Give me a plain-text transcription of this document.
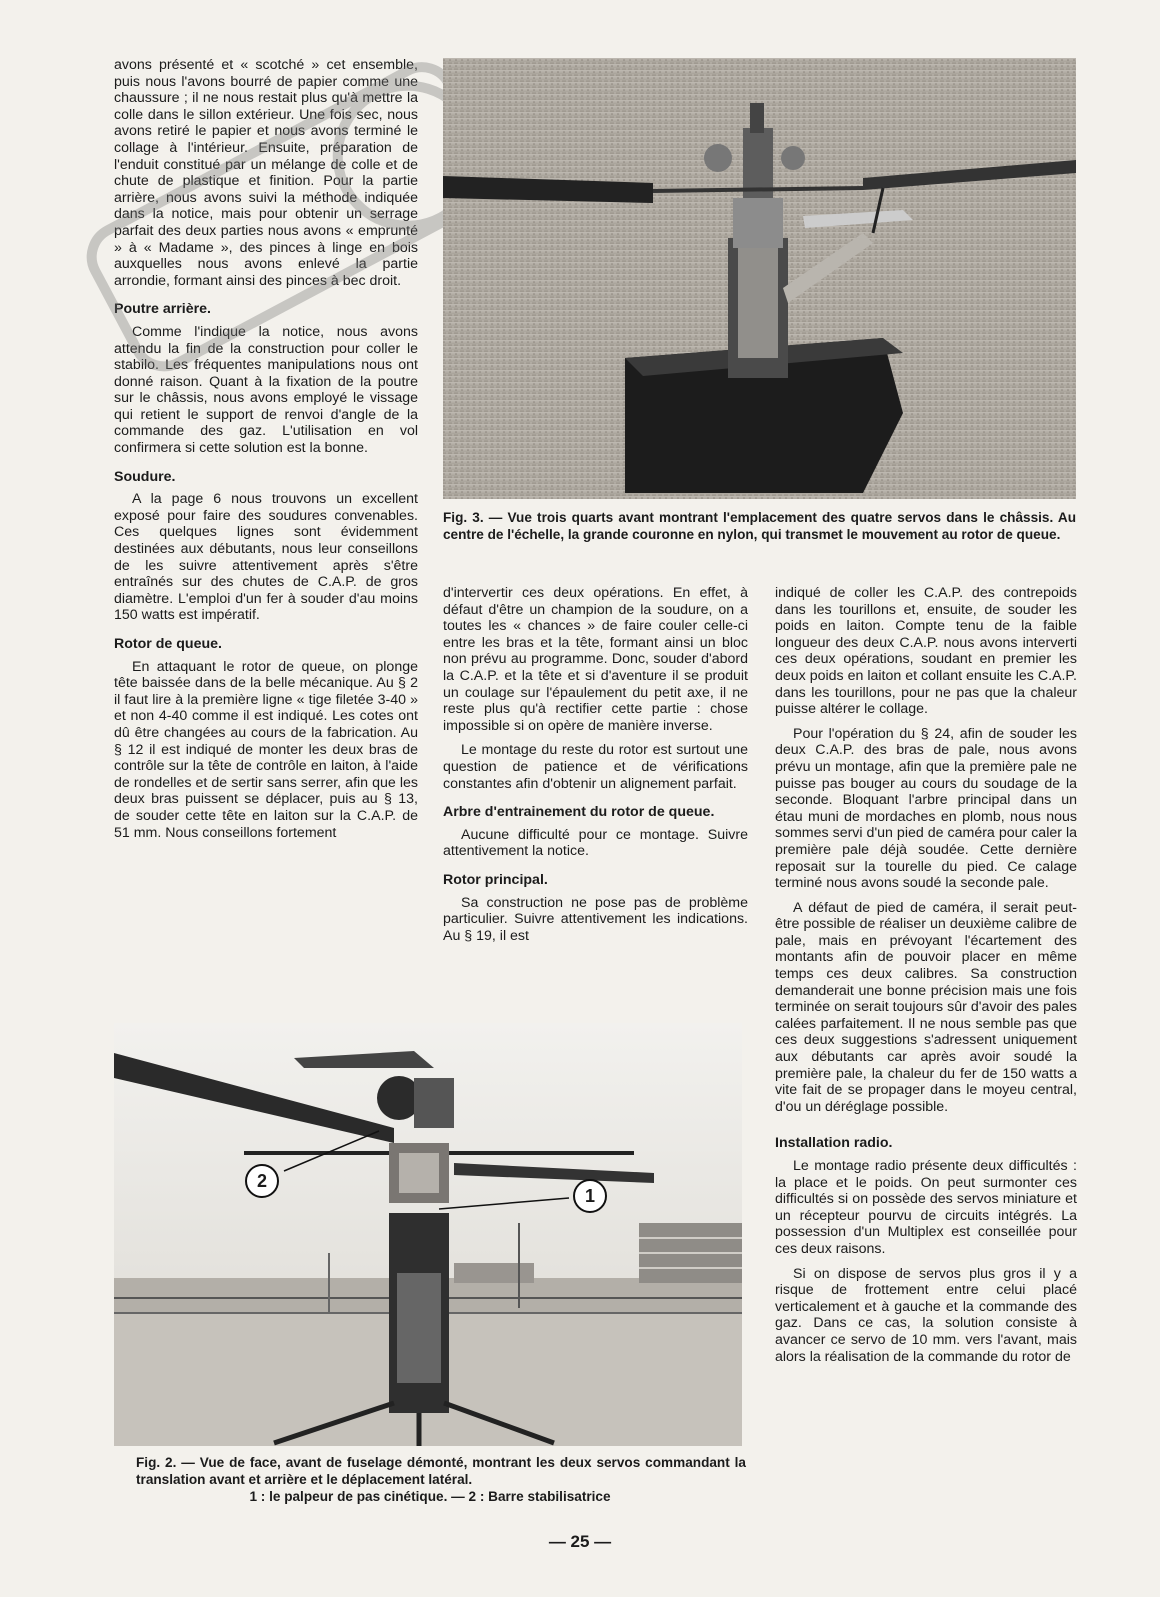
avons présenté et « scotché » cet ensemble, puis nous l'avons bourré de papier comme une chaussure ; il ne nous restait plus qu'à mettre la colle dans le sillon extérieur. Une fois sec, nous avons retiré le papier et nous avons terminé le collage à l'intérieur. Ensuite, préparation de l'enduit constitué par un mélange de colle et de chute de plastique et finition. Pour la partie arrière, nous avons suivi la méthode indiquée dans la notice, mais pour obtenir un serrage parfait des deux parties nous avons « emprunté » à « Madame », des pinces à linge en bois auxquelles nous avons enlevé la partie arrondie, formant ainsi des pinces à bec droit.

Poutre arrière.

Comme l'indique la notice, nous avons attendu la fin de la construction pour coller le stabilo. Les fréquentes manipulations nous ont donné raison. Quant à la fixation de la poutre sur le châssis, nous avons employé le vissage qui retient le support de renvoi d'angle de la commande des gaz. L'utilisation en vol confirmera si cette solution est la bonne.

Soudure.

A la page 6 nous trouvons un excellent exposé pour faire des soudures convenables. Ces quelques lignes sont évidemment destinées aux débutants, nous leur conseillons de les suivre attentivement après s'être entraînés sur des chutes de C.A.P. de gros diamètre. L'emploi d'un fer à souder d'au moins 150 watts est impératif.

Rotor de queue.

En attaquant le rotor de queue, on plonge tête baissée dans de la belle mécanique. Au § 2 il faut lire à la première ligne « tige filetée 3-40 » et non 4-40 comme il est indiqué. Les cotes ont dû être changées au cours de la fabrication. Au § 12 il est indiqué de monter les deux bras de contrôle sur la tête de contrôle en laiton, à l'aide de rondelles et de sertir sans serrer, afin que les deux bras puissent se déplacer, puis au § 13, de souder cette tête en laiton sur la C.A.P. de 51 mm. Nous conseillons fortement

Fig. 3. — Vue trois quarts avant montrant l'emplacement des quatre servos dans le châssis. Au centre de l'échelle, la grande couronne en nylon, qui transmet le mouvement au rotor de queue.

d'intervertir ces deux opérations. En effet, à défaut d'être un champion de la soudure, on a toutes les « chances » de faire couler celle-ci entre les bras et la tête, formant ainsi un bloc non prévu au programme. Donc, souder d'abord la C.A.P. et la tête et si d'aventure il se produit un coulage sur l'épaulement du petit axe, il ne reste plus qu'à rectifier cette partie : chose impossible si on opère de manière inverse.

Le montage du reste du rotor est surtout une question de patience et de vérifications constantes afin d'obtenir un alignement parfait.

Arbre d'entrainement du rotor de queue.

Aucune difficulté pour ce montage. Suivre attentivement la notice.

Rotor principal.

Sa construction ne pose pas de problème particulier. Suivre attentivement les indications. Au § 19, il est

indiqué de coller les C.A.P. des contrepoids dans les tourillons et, ensuite, de souder les poids en laiton. Compte tenu de la faible longueur des deux C.A.P. nous avons interverti ces deux opérations, soudant en premier les deux poids en laiton et collant ensuite les C.A.P. dans les tourillons, pour ne pas que la chaleur puisse altérer le collage.

Pour l'opération du § 24, afin de souder les deux C.A.P. des bras de pale, nous avons prévu un montage, afin que la première pale ne puisse pas bouger au cours du soudage de la seconde. Bloquant l'arbre principal dans un étau muni de mordaches en plomb, nous nous sommes servi d'un pied de caméra pour caler la première pale déjà soudée. Cette dernière reposait sur la tourelle du pied. Ce calage terminé nous avons soudé la seconde pale.

A défaut de pied de caméra, il serait peut-être possible de réaliser un deuxième calibre de pale, mais en prévoyant l'écartement des montants afin de pouvoir placer en même temps ces deux calibres. Sa construction demanderait une bonne précision mais une fois terminée on serait toujours sûr d'avoir des pales calées parfaitement. Il ne nous semble pas que ces deux suggestions s'adressent uniquement aux débutants car après avoir soudé la première pale, la chaleur du fer de 150 watts a vite fait de se propager dans le moyeu central, d'ou un déréglage possible.

Installation radio.

Le montage radio présente deux difficultés : la place et le poids. On peut surmonter ces difficultés si on possède des servos miniature et un récepteur pourvu de circuits intégrés. La possession d'un Multiplex est conseillée pour ces deux raisons.

Si on dispose de servos plus gros il y a risque de frottement entre celui placé verticalement et à gauche et la commande des gaz. Dans ce cas, la solution consiste à avancer ce servo de 10 mm. vers l'avant, mais alors la réalisation de la commande du rotor de

2
1
Fig. 2. — Vue de face, avant de fuselage démonté, montrant les deux servos commandant la translation avant et arrière et le déplacement latéral.
1 : le palpeur de pas cinétique. — 2 : Barre stabilisatrice
— 25 —
